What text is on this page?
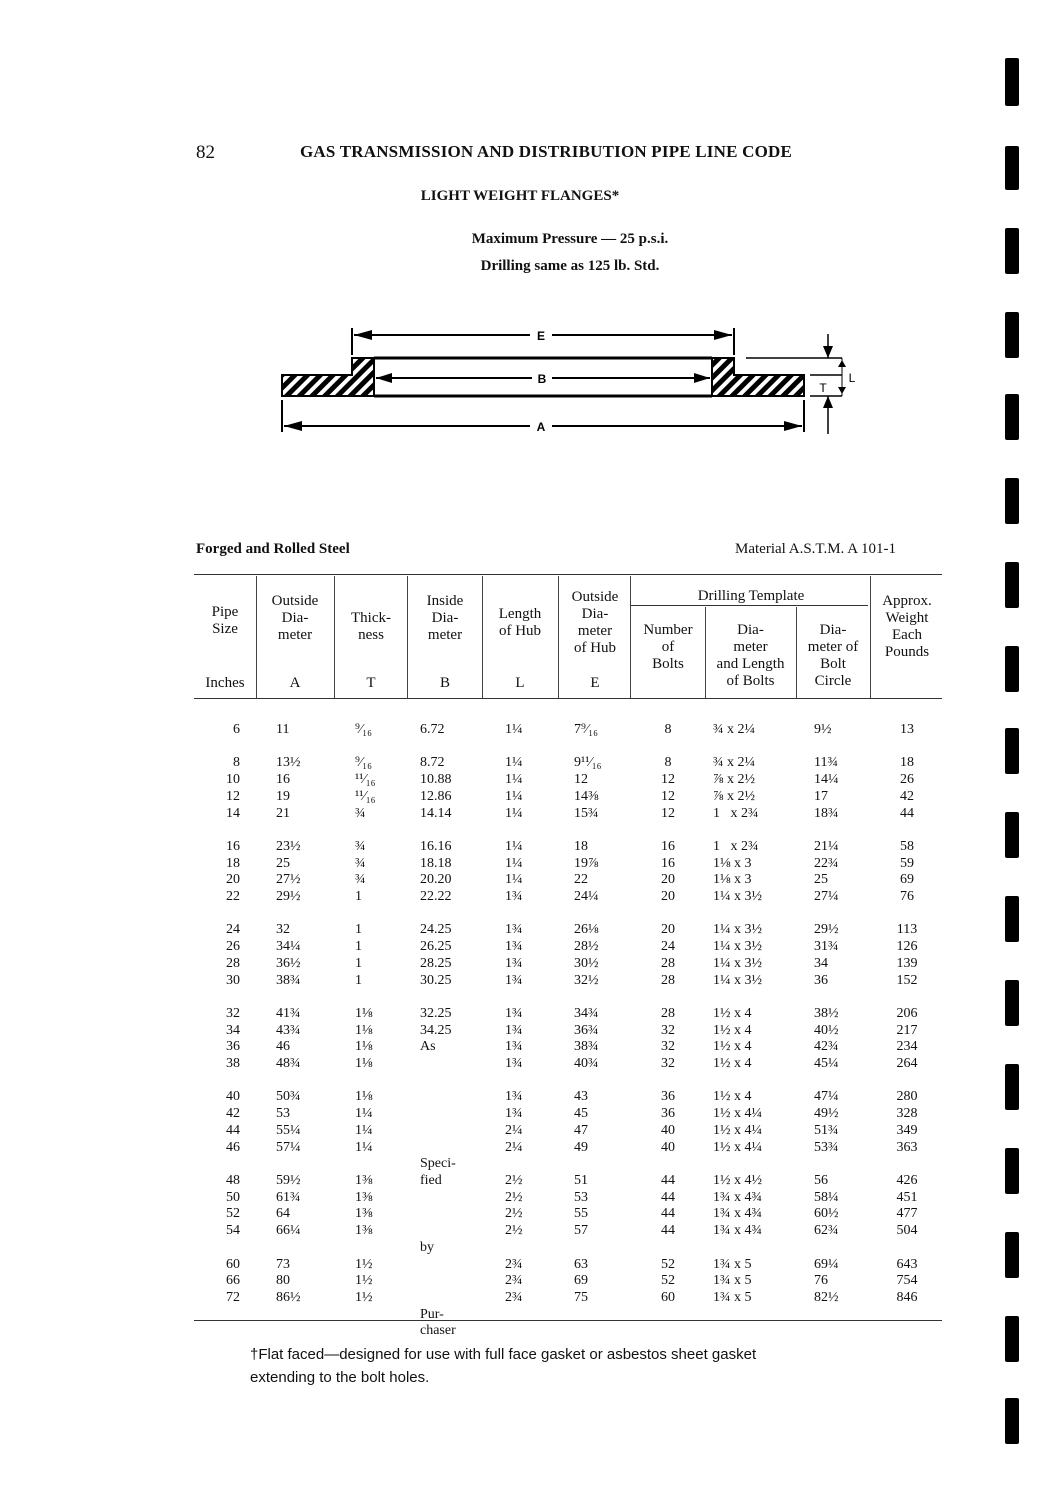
82	GAS TRANSMISSION AND DISTRIBUTION PIPE LINE CODE
LIGHT WEIGHT FLANGES*
Maximum Pressure — 25 p.s.i.
Drilling same as 125 lb. Std.
E
B
A
T
L
Forged and Rolled Steel	Material A.S.T.M. A 101-1
Pipe
Size
Inches
Outside
Dia-
meter
A
Thick-
ness
T
Inside
Dia-
meter
B
Length
of Hub
L
Outside
Dia-
meter
of Hub
E
Drilling Template
Number
of
Bolts
Dia-
meter
and Length
of Bolts
Dia-
meter of
Bolt
Circle
Approx.
Weight
Each
Pounds
6

8
10
12
14

16
18
20
22

24
26
28
30

32
34
36
38

40
42
44
46

48
50
52
54

60
66
72
11

13½
16
19
21

23½
25
27½
29½

32
34¼
36½
38¾

41¾
43¾
46
48¾

50¾
53
55¼
57¼

59½
61¾
64
66¼

73
80
86½
⁹⁄₁₆

⁹⁄₁₆
¹¹⁄₁₆
¹¹⁄₁₆
¾

¾
¾
¾
1

1
1
1
1

1⅛
1⅛
1⅛
1⅛

1⅛
1¼
1¼
1¼

1⅜
1⅜
1⅜
1⅜

1½
1½
1½
6.72

8.72
10.88
12.86
14.14

16.16
18.18
20.20
22.22

24.25
26.25
28.25
30.25

32.25
34.25
As

Speci-
fied

by

Pur-
chaser
1¼

1¼
1¼
1¼
1¼

1¼
1¼
1¼
1¾

1¾
1¾
1¾
1¾

1¾
1¾
1¾
1¾

1¾
1¾
2¼
2¼

2½
2½
2½
2½

2¾
2¾
2¾
7⁹⁄₁₆

9¹¹⁄₁₆
12
14⅜
15¾

18
19⅞
22
24¼

26⅛
28½
30½
32½

34¾
36¾
38¾
40¾

43
45
47
49

51
53
55
57

63
69
75
8

8
12
12
12

16
16
20
20

20
24
28
28

28
32
32
32

36
36
40
40

44
44
44
44

52
52
60
¾ x 2¼

¾ x 2¼
⅞ x 2½
⅞ x 2½
1   x 2¾

1   x 2¾
1⅛ x 3
1⅛ x 3
1¼ x 3½

1¼ x 3½
1¼ x 3½
1¼ x 3½
1¼ x 3½

1½ x 4
1½ x 4
1½ x 4
1½ x 4

1½ x 4
1½ x 4¼
1½ x 4¼
1½ x 4¼

1½ x 4½
1¾ x 4¾
1¾ x 4¾
1¾ x 4¾

1¾ x 5
1¾ x 5
1¾ x 5
9½

11¾
14¼
17
18¾

21¼
22¾
25
27¼

29½
31¾
34
36

38½
40½
42¾
45¼

47¼
49½
51¾
53¾

56
58¼
60½
62¾

69¼
76
82½
13

18
26
42
44

58
59
69
76

113
126
139
152

206
217
234
264

280
328
349
363

426
451
477
504

643
754
846
†Flat faced—designed for use with full face gasket or asbestos sheet gasket
extending to the bolt holes.
